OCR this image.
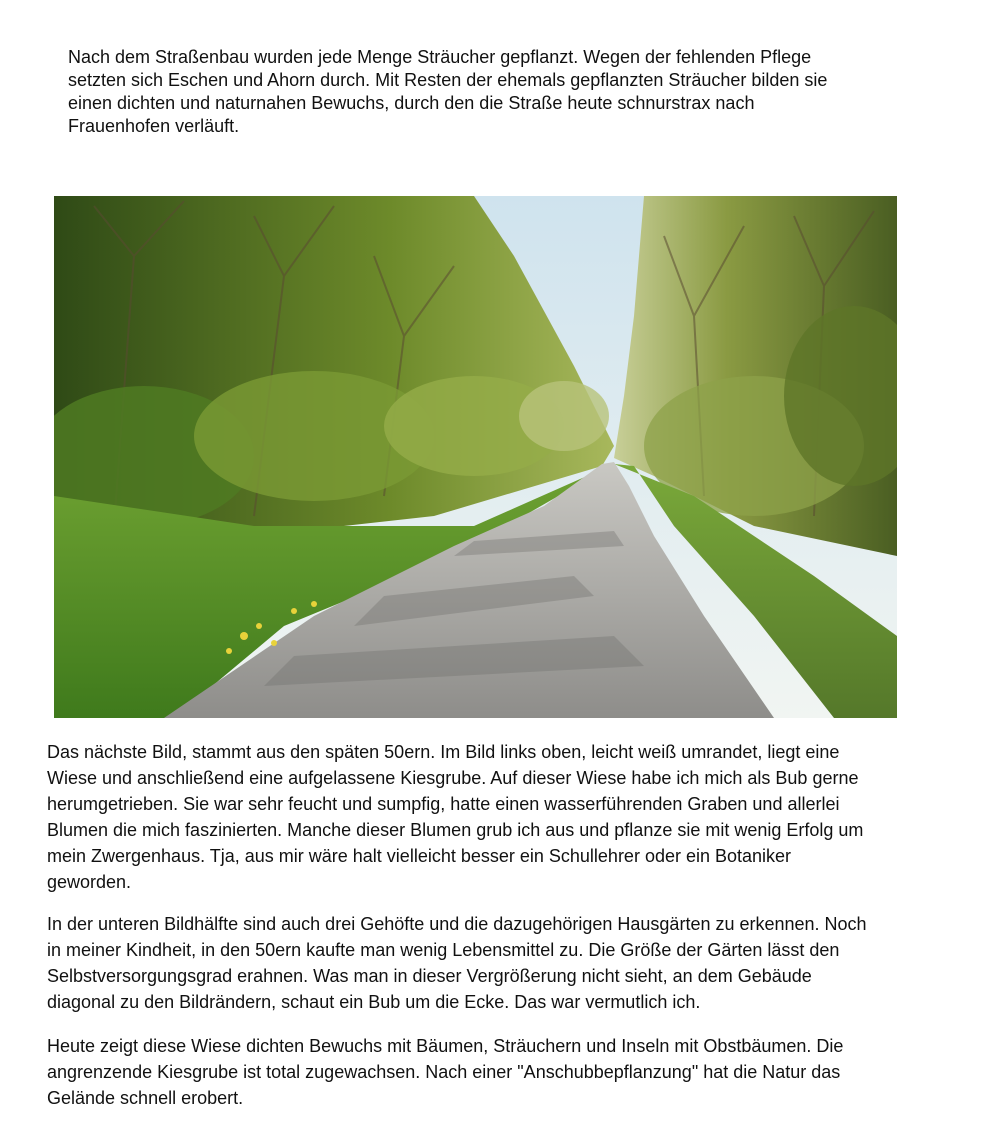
Nach dem Straßenbau wurden jede Menge Sträucher gepflanzt. Wegen der fehlenden Pflege
setzten sich Eschen und Ahorn durch. Mit Resten der ehemals gepflanzten Sträucher bilden sie
einen dichten und naturnahen Bewuchs, durch den die Straße heute schnurstrax nach
Frauenhofen verläuft.

Das nächste Bild, stammt aus den späten 50ern. Im Bild links oben, leicht weiß umrandet, liegt eine
Wiese und anschließend eine aufgelassene Kiesgrube. Auf dieser Wiese habe ich mich als Bub gerne
herumgetrieben. Sie war sehr feucht und sumpfig, hatte einen wasserführenden Graben und allerlei
Blumen die mich faszinierten. Manche dieser Blumen grub ich aus und pflanze sie mit wenig Erfolg um
mein Zwergenhaus. Tja, aus mir wäre halt vielleicht besser ein Schullehrer oder ein Botaniker
geworden.

In der unteren Bildhälfte sind auch drei Gehöfte und die dazugehörigen Hausgärten zu erkennen. Noch
in meiner Kindheit, in den 50ern kaufte man wenig Lebensmittel zu. Die Größe der Gärten lässt den
Selbstversorgungsgrad erahnen. Was man in dieser Vergrößerung nicht sieht, an dem Gebäude
diagonal zu den Bildrändern, schaut ein Bub um die Ecke. Das war vermutlich ich.

Heute zeigt diese Wiese dichten Bewuchs mit Bäumen, Sträuchern und Inseln mit Obstbäumen. Die
angrenzende Kiesgrube ist total zugewachsen. Nach einer "Anschubbepflanzung" hat die Natur das
Gelände schnell erobert.
